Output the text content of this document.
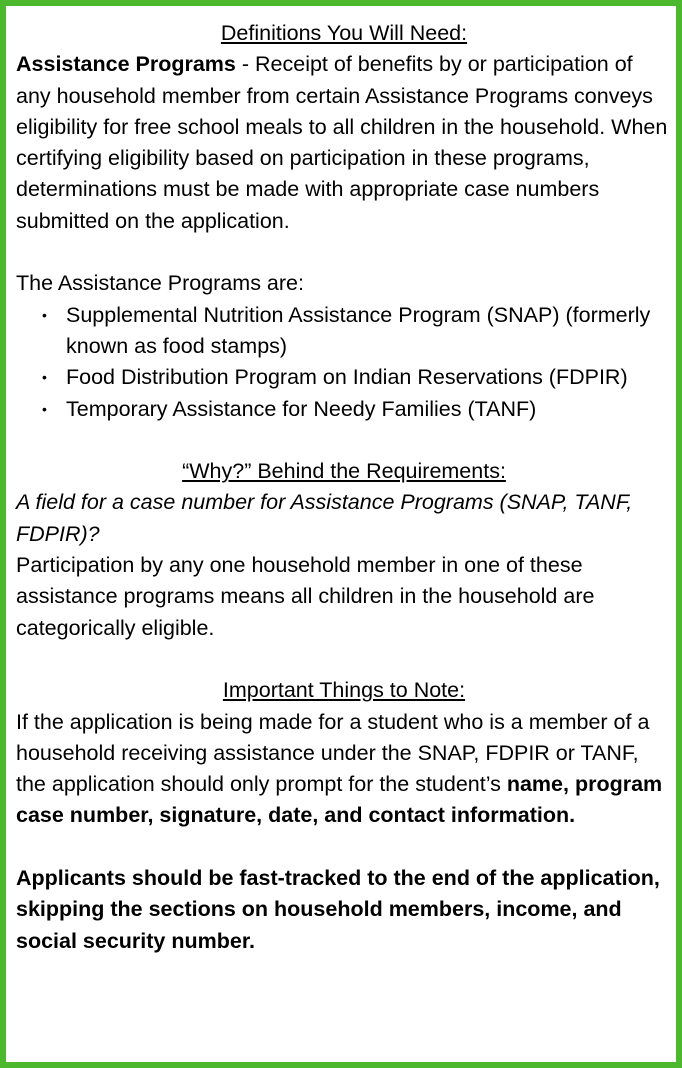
Definitions You Will Need:

Assistance Programs - Receipt of benefits by or participation of any household member from certain Assistance Programs conveys eligibility for free school meals to all children in the household. When certifying eligibility based on participation in these programs, determinations must be made with appropriate case numbers submitted on the application.

The Assistance Programs are:

• Supplemental Nutrition Assistance Program (SNAP) (formerly known as food stamps)
• Food Distribution Program on Indian Reservations (FDPIR)
• Temporary Assistance for Needy Families (TANF)
“Why?” Behind the Requirements:

A field for a case number for Assistance Programs (SNAP, TANF, FDPIR)?

Participation by any one household member in one of these assistance programs means all children in the household are categorically eligible.

Important Things to Note:

If the application is being made for a student who is a member of a household receiving assistance under the SNAP, FDPIR or TANF, the application should only prompt for the student’s name, program case number, signature, date, and contact information.

Applicants should be fast-tracked to the end of the application, skipping the sections on household members, income, and social security number.
